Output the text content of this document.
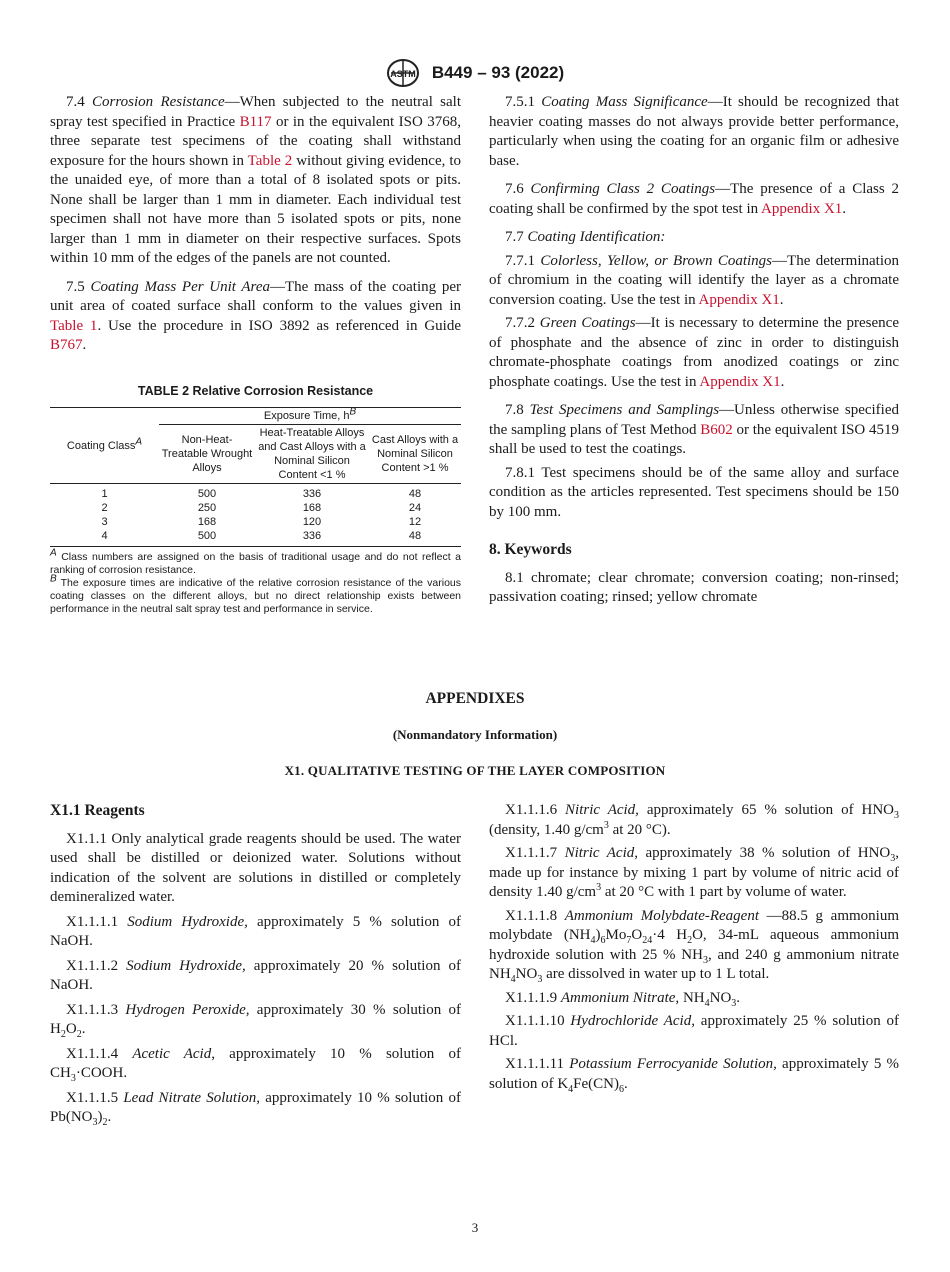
ASTM B449 – 93 (2022)

7.4 Corrosion Resistance—When subjected to the neutral salt spray test specified in Practice B117 or in the equivalent ISO 3768, three separate test specimens of the coating shall withstand exposure for the hours shown in Table 2 without giving evidence, to the unaided eye, of more than a total of 8 isolated spots or pits. None shall be larger than 1 mm in diameter. Each individual test specimen shall not have more than 5 isolated spots or pits, none larger than 1 mm in diameter on their respective surfaces. Spots within 10 mm of the edges of the panels are not counted.

7.5 Coating Mass Per Unit Area—The mass of the coating per unit area of coated surface shall conform to the values given in Table 1. Use the procedure in ISO 3892 as referenced in Guide B767.

TABLE 2 Relative Corrosion Resistance
Coating Class$^A$	Exposure Time, $h^B$
	Non-Heat-Treatable Wrought Alloys	Heat-Treatable Alloys and Cast Alloys with a Nominal Silicon Content <1 %	Cast Alloys with a Nominal Silicon Content >1 %
1	500	336	48
2	250	168	24
3	168	120	12
4	500	336	48

$^A$ Class numbers are assigned on the basis of traditional usage and do not reflect a ranking of corrosion resistance.

$^B$ The exposure times are indicative of the relative corrosion resistance of the various coating classes on the different alloys, but no direct relationship exists between performance in the neutral salt spray test and performance in service.

7.5.1 Coating Mass Significance—It should be recognized that heavier coating masses do not always provide better performance, particularly when using the coating for an organic film or adhesive base.

7.6 Confirming Class 2 Coatings—The presence of a Class 2 coating shall be confirmed by the spot test in Appendix X1.

7.7 Coating Identification:

7.7.1 Colorless, Yellow, or Brown Coatings—The determination of chromium in the coating will identify the layer as a chromate conversion coating. Use the test in Appendix X1.

7.7.2 Green Coatings—It is necessary to determine the presence of phosphate and the absence of zinc in order to distinguish chromate-phosphate coatings from anodized coatings or zinc phosphate coatings. Use the test in Appendix X1.

7.8 Test Specimens and Samplings—Unless otherwise specified the sampling plans of Test Method B602 or the equivalent ISO 4519 shall be used to test the coatings.

7.8.1 Test specimens should be of the same alloy and surface condition as the articles represented. Test specimens should be 150 by 100 mm.

8. Keywords

8.1 chromate; clear chromate; conversion coating; non-rinsed; passivation coating; rinsed; yellow chromate

APPENDIXES
(Nonmandatory Information)
X1. QUALITATIVE TESTING OF THE LAYER COMPOSITION
X1.1 Reagents

X1.1.1 Only analytical grade reagents should be used. The water used shall be distilled or deionized water. Solutions without indication of the solvent are solutions in distilled or completely demineralized water.

X1.1.1.1 Sodium Hydroxide, approximately 5 % solution of NaOH.

X1.1.1.2 Sodium Hydroxide, approximately 20 % solution of NaOH.

X1.1.1.3 Hydrogen Peroxide, approximately 30 % solution of $H_2O_2$.

X1.1.1.4 Acetic Acid, approximately 10 % solution of $CH_3\cdot COOH$.

X1.1.1.5 Lead Nitrate Solution, approximately 10 % solution of $Pb(NO_3)_2$.

X1.1.1.6 Nitric Acid, approximately 65 % solution of $HNO_3$ (density, 1.40 $g/cm^3$ at 20 °C).

X1.1.1.7 Nitric Acid, approximately 38 % solution of $HNO_3$, made up for instance by mixing 1 part by volume of nitric acid of density 1.40 $g/cm^3$ at 20 °C with 1 part by volume of water.

X1.1.1.8 Ammonium Molybdate-Reagent —88.5 g ammonium molybdate $(NH_4)_6Mo_7O_{24}\cdot 4$ $H_2O$, 34-mL aqueous ammonium hydroxide solution with 25 % $NH_3$, and 240 g ammonium nitrate $NH_4NO_3$ are dissolved in water up to 1 L total.

X1.1.1.9 Ammonium Nitrate, $NH_4NO_3$.

X1.1.1.10 Hydrochloride Acid, approximately 25 % solution of HCl.

X1.1.1.11 Potassium Ferrocyanide Solution, approximately 5 % solution of $K_4Fe(CN)_6$.

3
